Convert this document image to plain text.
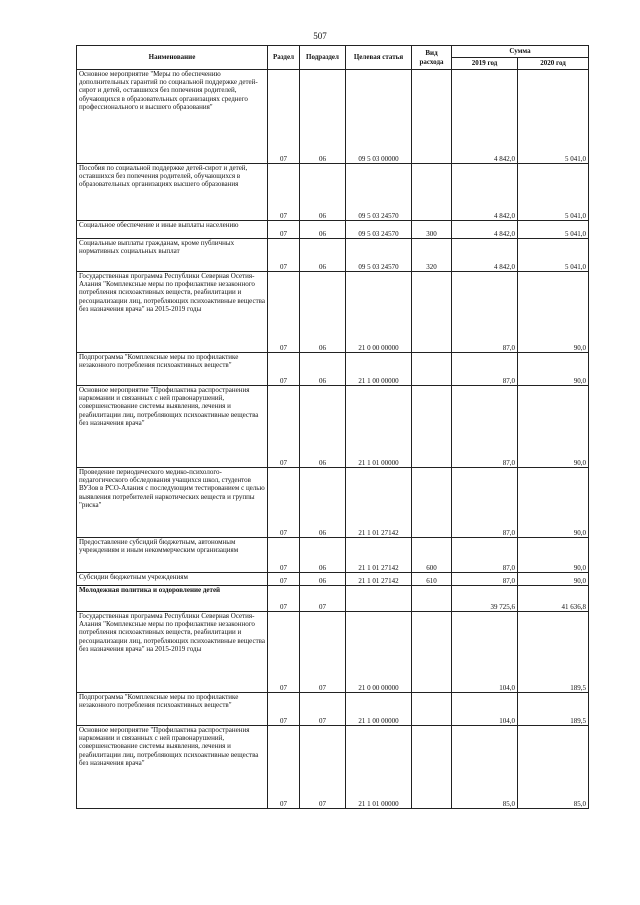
507
Наименование	Раздел	Подраздел	Целевая статья	Вид расхода	Сумма	
					2019 год	2020 год
Основное мероприятие "Меры по обеспечению дополнительных гарантий по социальной поддержке детей-сирот и детей, оставшихся без попечения родителей, обучающихся в образовательных организациях среднего профессионального и высшего образования"	07	06	09 5 03 00000		4 842,0	5 041,0
Пособия по социальной поддержке детей-сирот и детей, оставшихся без попечения родителей, обучающихся в образовательных организациях высшего образования	07	06	09 5 03 24570		4 842,0	5 041,0
Социальное обеспечение и иные выплаты населению	07	06	09 5 03 24570	300	4 842,0	5 041,0
Социальные выплаты гражданам, кроме публичных нормативных социальных выплат	07	06	09 5 03 24570	320	4 842,0	5 041,0
Государственная программа Республики Северная Осетия-Алания "Комплексные меры по профилактике незаконного потребления психоактивных веществ, реабилитации и ресоциализации лиц, потребляющих психоактивные вещества без назначения врача" на 2015-2019 годы	07	06	21 0 00 00000		87,0	90,0
Подпрограмма "Комплексные меры по профилактике незаконного потребления психоактивных веществ"	07	06	21 1 00 00000		87,0	90,0
Основное мероприятие "Профилактика распространения наркомании и связанных с ней правонарушений, совершенствование системы выявления, лечения и реабилитации лиц, потребляющих психоактивные вещества без назначения врача"	07	06	21 1 01 00000		87,0	90,0
Проведение периодического медико-психолого-педагогического обследования учащихся школ, студентов ВУЗов в РСО-Алания с последующим тестированием с целью выявления потребителей наркотических веществ и группы "риска"	07	06	21 1 01 27142		87,0	90,0
Предоставление субсидий бюджетным, автономным учреждениям и иным некоммерческим организациям	07	06	21 1 01 27142	600	87,0	90,0
Субсидии бюджетным учреждениям	07	06	21 1 01 27142	610	87,0	90,0
Молодежная политика и оздоровление детей	07	07			39 725,6	41 636,8
Государственная программа Республики Северная Осетия-Алания "Комплексные меры по профилактике незаконного потребления психоактивных веществ, реабилитации и ресоциализации лиц, потребляющих психоактивные вещества без назначения врача" на 2015-2019 годы	07	07	21 0 00 00000		104,0	189,5
Подпрограмма "Комплексные меры по профилактике незаконного потребления психоактивных веществ"	07	07	21 1 00 00000		104,0	189,5
Основное мероприятие "Профилактика распространения наркомании и связанных с ней правонарушений, совершенствование системы выявления, лечения и реабилитации лиц, потребляющих психоактивные вещества без назначения врача"	07	07	21 1 01 00000		85,0	85,0
